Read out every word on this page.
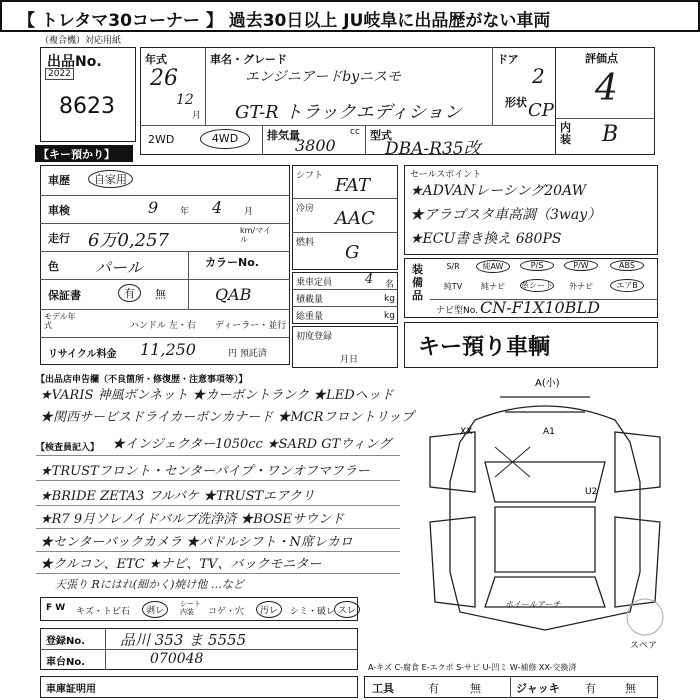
【 トレタマ30コーナー 】 過去30日以上 JU岐阜に出品歴がない車両
（複合機）対応用紙
出品No.
2022
8623
【キー預かり】
年式
26
12
月
車名・グレード
エンジニアードbyニスモ
GT-R トラックエディション
ドア
2
形状 CP
2WD	4WD	排気量	cc
3800
型式
DBA-R35改
評価点
4
内装 B
車歴	自家用
車検	9 年 4 月
走行 6万0,257	km/マイル
色 パール	カラーNo.
QAB
保証書	有	無
モデル年式	ハンドル 左・右 ディーラー・並行
リサイクル料金 11,250	円 預託済
シフト FAT
冷房 AAC
燃料 G
乗車定員	4 名
積載量	kg
総重量	kg
初度登録
月日
セールスポイント
★ADVANレーシング20AW
★アラゴスタ車高調（3way）
★ECU書き換え 680PS
装備品
S/R	純AW	P/S	P/W	ABS
純TV	純ナビ	革シート	外ナビ	エアB
ナビ型No. CN-F1X10BLD
キー預り車輌
【出品店申告欄（不良箇所・修復歴・注意事項等）】
★VARIS 神風ボンネット ★カーボントランク ★LEDヘッド
★関西サービスドライカーボンカナード ★MCRフロントリップ
【検査員記入】 ★インジェクター1050cc ★SARD GTウィング
★TRUSTフロント・センターパイプ・ワンオフマフラー
★BRIDE ZETA3 フルバケ ★TRUSTエアクリ
★R7 9月ソレノイドバルブ洗浄済 ★BOSEサウンド
★センターバックカメラ ★パドルシフト・N席レカロ
★クルコン、ETC ★ナビ、TV、バックモニター
天張り Rにはれ(細かく)焼け他 …など
F W キズ・トビ石	剥レ
シート内装	コゲ・穴	汚レ	シミ・破レ スレ
登録No. 品川 353 ま 5555
車台No.	070048
車庫証明用
A(小)
XX	A1
U2
ホイールアーチ
スペア
A-キズ C-腐食 E-エクボ S-サビ U-凹ミ W-補修 XX-交換済
工具	有	無	ジャッキ 有	無
